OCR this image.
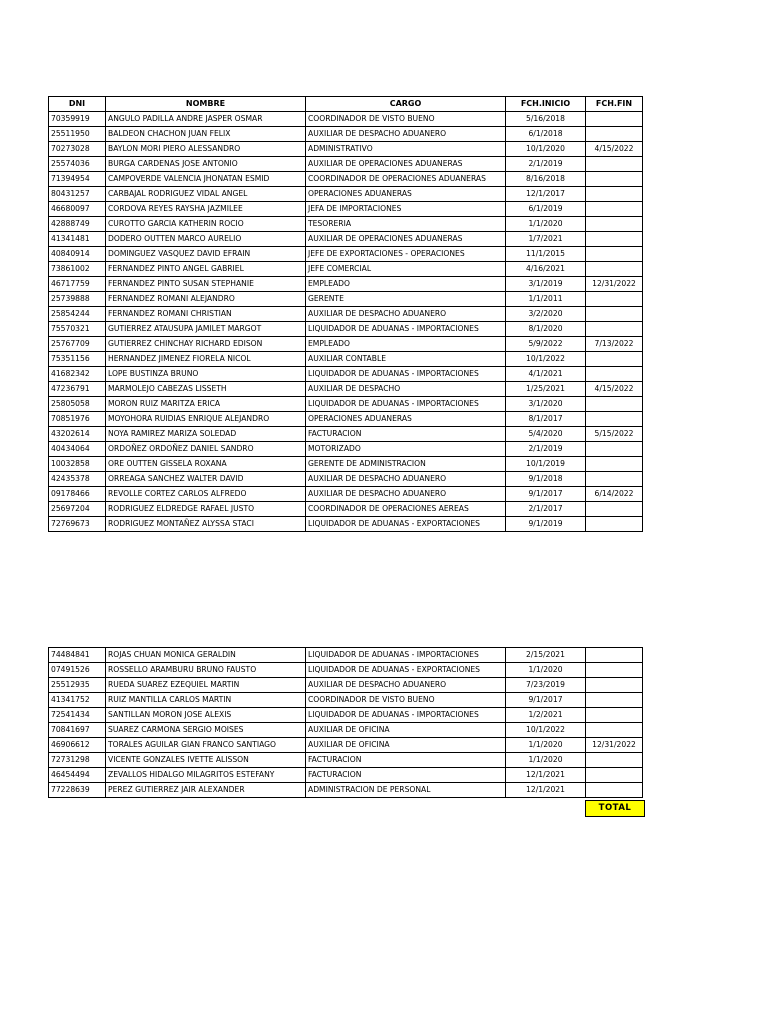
DNI	NOMBRE	CARGO	FCH.INICIO	FCH.FIN
70359919	ANGULO PADILLA ANDRE JASPER OSMAR	COORDINADOR DE VISTO BUENO	5/16/2018	
25511950	BALDEON CHACHON JUAN FELIX	AUXILIAR DE DESPACHO ADUANERO	6/1/2018	
70273028	BAYLON MORI PIERO ALESSANDRO	ADMINISTRATIVO	10/1/2020	4/15/2022
25574036	BURGA CARDENAS JOSE ANTONIO	AUXILIAR DE OPERACIONES ADUANERAS	2/1/2019	
71394954	CAMPOVERDE VALENCIA JHONATAN ESMID	COORDINADOR DE OPERACIONES ADUANERAS	8/16/2018	
80431257	CARBAJAL RODRIGUEZ VIDAL ANGEL	OPERACIONES ADUANERAS	12/1/2017	
46680097	CORDOVA REYES RAYSHA JAZMILEE	JEFA DE IMPORTACIONES	6/1/2019	
42888749	CUROTTO GARCIA KATHERIN ROCIO	TESORERIA	1/1/2020	
41341481	DODERO OUTTEN MARCO AURELIO	AUXILIAR DE OPERACIONES ADUANERAS	1/7/2021	
40840914	DOMINGUEZ VASQUEZ DAVID EFRAIN	JEFE DE EXPORTACIONES - OPERACIONES	11/1/2015	
73861002	FERNANDEZ PINTO ANGEL GABRIEL	JEFE COMERCIAL	4/16/2021	
46717759	FERNANDEZ PINTO SUSAN STEPHANIE	EMPLEADO	3/1/2019	12/31/2022
25739888	FERNANDEZ ROMANI ALEJANDRO	GERENTE	1/1/2011	
25854244	FERNANDEZ ROMANI CHRISTIAN	AUXILIAR DE DESPACHO ADUANERO	3/2/2020	
75570321	GUTIERREZ ATAUSUPA JAMILET MARGOT	LIQUIDADOR DE ADUANAS - IMPORTACIONES	8/1/2020	
25767709	GUTIERREZ CHINCHAY RICHARD EDISON	EMPLEADO	5/9/2022	7/13/2022
75351156	HERNANDEZ JIMENEZ FIORELA NICOL	AUXILIAR CONTABLE	10/1/2022	
41682342	LOPE BUSTINZA BRUNO	LIQUIDADOR DE ADUANAS - IMPORTACIONES	4/1/2021	
47236791	MARMOLEJO CABEZAS LISSETH	AUXILIAR DE DESPACHO	1/25/2021	4/15/2022
25805058	MORON RUIZ MARITZA ERICA	LIQUIDADOR DE ADUANAS - IMPORTACIONES	3/1/2020	
70851976	MOYOHORA RUIDIAS ENRIQUE ALEJANDRO	OPERACIONES ADUANERAS	8/1/2017	
43202614	NOYA RAMIREZ MARIZA SOLEDAD	FACTURACION	5/4/2020	5/15/2022
40434064	ORDOÑEZ ORDOÑEZ DANIEL SANDRO	MOTORIZADO	2/1/2019	
10032858	ORE OUTTEN GISSELA ROXANA	GERENTE DE ADMINISTRACION	10/1/2019	
42435378	ORREAGA SANCHEZ WALTER DAVID	AUXILIAR DE DESPACHO ADUANERO	9/1/2018	
09178466	REVOLLE CORTEZ CARLOS ALFREDO	AUXILIAR DE DESPACHO ADUANERO	9/1/2017	6/14/2022
25697204	RODRIGUEZ ELDREDGE RAFAEL JUSTO	COORDINADOR DE OPERACIONES AEREAS	2/1/2017	
72769673	RODRIGUEZ MONTAÑEZ ALYSSA STACI	LIQUIDADOR DE ADUANAS - EXPORTACIONES	9/1/2019	
74484841	ROJAS CHUAN MONICA GERALDIN	LIQUIDADOR DE ADUANAS - IMPORTACIONES	2/15/2021	
07491526	ROSSELLO ARAMBURU BRUNO FAUSTO	LIQUIDADOR DE ADUANAS - EXPORTACIONES	1/1/2020	
25512935	RUEDA SUAREZ EZEQUIEL MARTIN	AUXILIAR DE DESPACHO ADUANERO	7/23/2019	
41341752	RUIZ MANTILLA CARLOS MARTIN	COORDINADOR DE VISTO BUENO	9/1/2017	
72541434	SANTILLAN MORON JOSE ALEXIS	LIQUIDADOR DE ADUANAS - IMPORTACIONES	1/2/2021	
70841697	SUAREZ CARMONA SERGIO MOISES	AUXILIAR DE OFICINA	10/1/2022	
46906612	TORALES AGUILAR GIAN FRANCO SANTIAGO	AUXILIAR DE OFICINA	1/1/2020	12/31/2022
72731298	VICENTE GONZALES IVETTE ALISSON	FACTURACION	1/1/2020	
46454494	ZEVALLOS HIDALGO MILAGRITOS ESTEFANY	FACTURACION	12/1/2021	
77228639	PEREZ GUTIERREZ JAIR ALEXANDER	ADMINISTRACION DE PERSONAL	12/1/2021	
TOTAL
